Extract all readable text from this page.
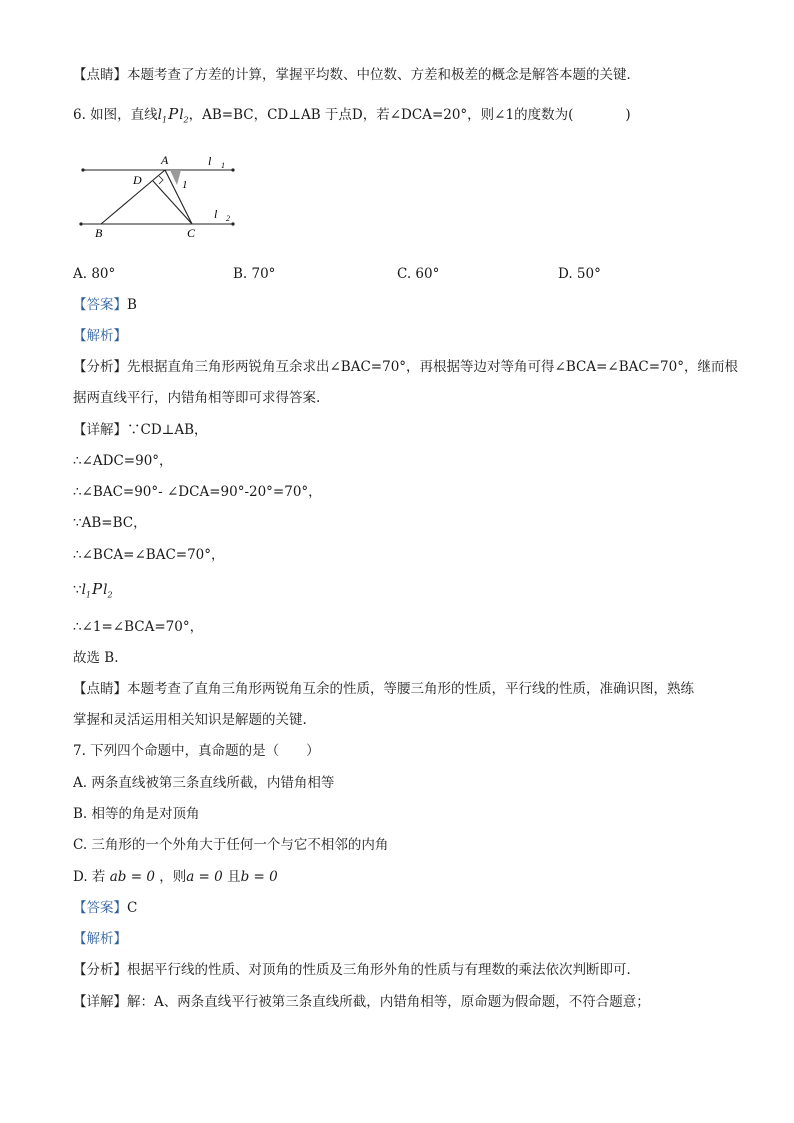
【点睛】本题考查了方差的计算，掌握平均数、中位数、方差和极差的概念是解答本题的关键．
6. 如图，直线$l_1Pl_2$，AB=BC，CD⊥AB 于点D，若∠DCA=20°，则∠1的度数为(	)
A
D	1
l 1
l 2
B	C
A. 80°	B. 70°	C. 60°	D. 50°
【答案】B
【解析】
【分析】先根据直角三角形两锐角互余求出∠BAC=70°，再根据等边对等角可得∠BCA=∠BAC=70°，继而根
据两直线平行，内错角相等即可求得答案.
【详解】∵CD⊥AB，
∴∠ADC=90°，
∴∠BAC=90°- ∠DCA=90°-20°=70°，
∵AB=BC，
∴∠BCA=∠BAC=70°，
$\because l_1Pl_2$
∴∠1=∠BCA=70°，
故选 B.
【点睛】本题考查了直角三角形两锐角互余的性质，等腰三角形的性质，平行线的性质，准确识图，熟练
掌握和灵活运用相关知识是解题的关键.
7. 下列四个命题中，真命题的是（　　）
A. 两条直线被第三条直线所截，内错角相等
B. 相等的角是对顶角
C. 三角形的一个外角大于任何一个与它不相邻的内角
D. 若 ab = 0 ，则a = 0 且b = 0
【答案】C
【解析】
【分析】根据平行线的性质、对顶角的性质及三角形外角的性质与有理数的乘法依次判断即可．
【详解】解：A、两条直线平行被第三条直线所截，内错角相等，原命题为假命题，不符合题意；
